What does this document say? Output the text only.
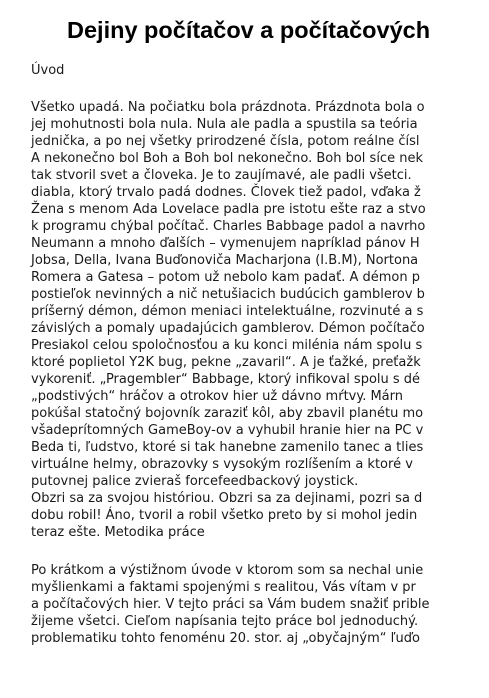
Dejiny počítačov a počítačových

Úvod

Všetko upadá. Na počiatku bola prázdnota. Prázdnota bola o

jej mohutnosti bola nula. Nula ale padla a spustila sa teória

jednička, a po nej všetky prirodzené čísla, potom reálne čísl

A nekonečno bol Boh a Boh bol nekonečno. Boh bol síce nek

tak stvoril svet a človeka. Je to zaujímavé, ale padli všetci.

diabla, ktorý trvalo padá dodnes. Človek tiež padol, vďaka ž

Žena s menom Ada Lovelace padla pre istotu ešte raz a stvo

k programu chýbal počítač. Charles Babbage padol a navrho

Neumann a mnoho ďalších – vymenujem napríklad pánov H

Jobsa, Della, Ivana Buďonoviča Macharjona (I.B.M), Nortona

Romera a Gatesa – potom už nebolo kam padať. A démon p

postieľok nevinných a nič netušiacich budúcich gamblerov b

príšerný démon, démon meniaci intelektuálne, rozvinuté a s

závislých a pomaly upadajúcich gamblerov. Démon počítačo

Presiakol celou spoločnosťou a ku konci milénia nám spolu s

ktoré poplietol Y2K bug, pekne „zavaril“. A je ťažké, preťažk

vykoreniť. „Pragembler“ Babbage, ktorý infikoval spolu s dé

„podstivých“ hráčov a otrokov hier už dávno mŕtvy. Márn

pokúšal statočný bojovník zaraziť kôl, aby zbavil planétu mo

všadeprítomných GameBoy-ov a vyhubil hranie hier na PC v

Beda ti, ľudstvo, ktoré si tak hanebne zamenilo tanec a tlies

virtuálne helmy, obrazovky s vysokým rozlíšením a ktoré v

putovnej palice zvieraš forcefeedbackový joystick.

Obzri sa za svojou históriou. Obzri sa za dejinami, pozri sa d

dobu robil! Áno, tvoril a robil všetko preto by si mohol jedin

teraz ešte. Metodika práce

Po krátkom a výstižnom úvode v ktorom som sa nechal unie

myšlienkami a faktami spojenými s realitou, Vás vítam v pr

a počítačových hier. V tejto práci sa Vám budem snažiť prible

žijeme všetci. Cieľom napísania tejto práce bol jednoduchý.

problematiku tohto fenoménu 20. stor. aj „obyčajným“ ľuďo
